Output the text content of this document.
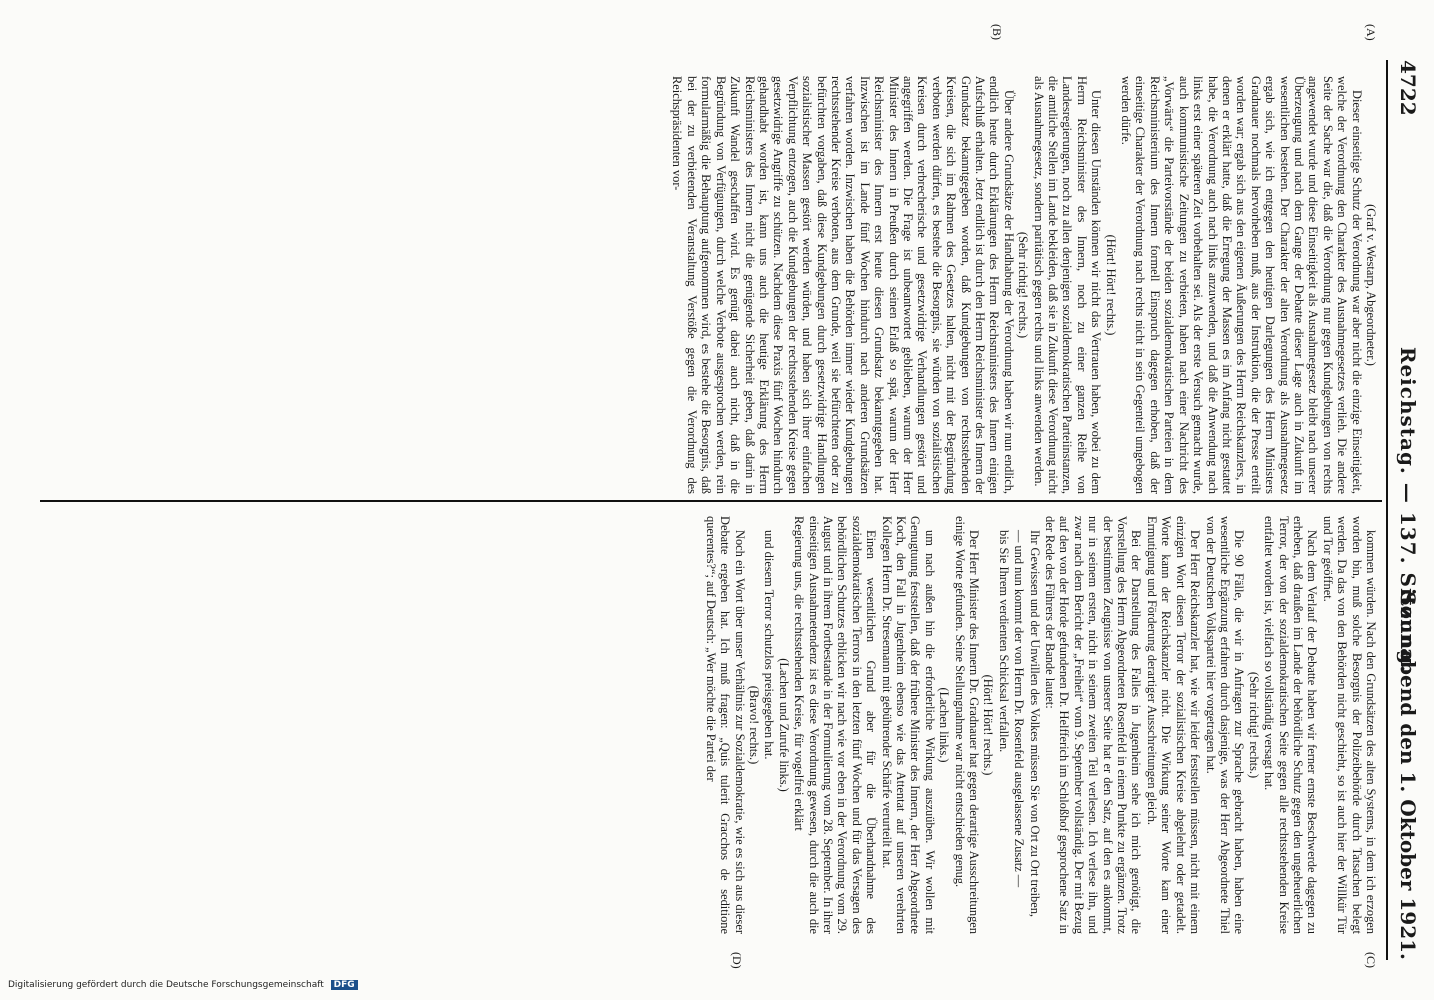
4722
Reichstag. — 137. Sitzung.
Sonnabend den 1. Oktober 1921.
(A)
(B)
(C)
(D)

(Graf v. Westarp, Abgeordneter.)

Dieser einseitige Schutz der Verordnung war aber nicht die einzige Einseitigkeit, welche der Verordnung den Charakter des Ausnahmegesetzes verlieh. Die andere Seite der Sache war die, daß die Verordnung nur gegen Kundgebungen von rechts angewendet wurde und diese Einseitigkeit als Ausnahmegesetz bleibt nach unserer Überzeugung und nach dem Gange der Debatte dieser Lage auch in Zukunft im wesentlichen bestehen. Der Charakter der alten Verordnung als Ausnahmegesetz ergab sich, wie ich entgegen den heutigen Darlegungen des Herrn Ministers Gradnauer nochmals hervorheben muß, aus der Instruktion, die der Presse erteilt worden war; ergab sich aus den eigenen Äußerungen des Herrn Reichskanzlers, in denen er erklärt hatte, daß die Erregung der Massen es im Anfang nicht gestattet habe, die Verordnung auch nach links anzuwenden, und daß die Anwendung nach links erst einer späteren Zeit vorbehalten sei. Als der erste Versuch gemacht wurde, auch kommunistische Zeitungen zu verbieten, haben nach einer Nachricht des „Vorwärts“ die Parteivorstände der beiden sozialdemokratischen Parteien in dem Reichsministerium des Innern formell Einspruch dagegen erhoben, daß der einseitige Charakter der Verordnung nach rechts nicht in sein Gegenteil umgebogen werden dürfe.

(Hört! Hört! rechts.)

Unter diesen Umständen können wir nicht das Vertrauen haben, wobei zu dem Herrn Reichsminister des Innern, noch zu einer ganzen Reihe von Landesregierungen, noch zu allen denjenigen sozialdemokratischen Parteiinstanzen, die amtliche Stellen im Lande bekleiden, daß sie in Zukunft diese Verordnung nicht als Ausnahmegesetz, sondern paritätisch gegen rechts und links anwenden werden.

(Sehr richtig! rechts.)

Über andere Grundsätze der Handhabung der Verordnung haben wir nun endlich, endlich heute durch Erklärungen des Herrn Reichsministers des Innern einigen Aufschluß erhalten. Jetzt endlich ist durch den Herrn Reichsminister des Innern der Grundsatz bekanntgegeben worden, daß Kundgebungen von rechtsstehenden Kreisen, die sich im Rahmen des Gesetzes halten, nicht mit der Begründung verboten werden dürfen, es bestehe die Besorgnis, sie würden von sozialistischen Kreisen durch verbrecherische und gesetzwidrige Verhandlungen gestört und angegriffen werden. Die Frage ist unbeantwortet geblieben, warum der Herr Minister des Innern in Preußen durch seinen Erlaß so spät, warum der Herr Reichsminister des Innern erst heute diesen Grundsatz bekanntgegeben hat. Inzwischen ist im Lande fünf Wochen hindurch nach anderen Grundsätzen verfahren worden. Inzwischen haben die Behörden immer wieder Kundgebungen rechtsstehender Kreise verboten, aus dem Grunde, weil sie befürchteten oder zu befürchten vorgaben, daß diese Kundgebungen durch gesetzwidrige Handlungen sozialistischer Massen gestört werden würden, und haben sich ihrer einfachen Verpflichtung entzogen, auch die Kundgebungen der rechtsstehenden Kreise gegen gesetzwidrige Angriffe zu schützen. Nachdem diese Praxis fünf Wochen hindurch gehandhabt worden ist, kann uns auch die heutige Erklärung des Herrn Reichsministers des Innern nicht die genügende Sicherheit geben, daß darin in Zukunft Wandel geschaffen wird. Es genügt dabei auch nicht, daß in die Begründung von Verfügungen, durch welche Verbote ausgesprochen werden, rein formularmäßig die Behauptung aufgenommen wird, es bestehe die Besorgnis, daß bei der zu verbietenden Veranstaltung Verstöße gegen die Verordnung des Reichspräsidenten vor-

kommen würden. Nach den Grundsätzen des alten Systems, in dem ich erzogen worden bin, muß solche Besorgnis der Polizeibehörde durch Tatsachen belegt werden. Da das von den Behörden nicht geschieht, so ist auch hier der Willkür Tür und Tor geöffnet.

Nach dem Verlauf der Debatte haben wir ferner ernste Beschwerde dagegen zu erheben, daß draußen im Lande der behördliche Schutz gegen den ungeheuerlichen Terror, der von der sozialdemokratischen Seite gegen alle rechtsstehenden Kreise entfaltet worden ist, vielfach so vollständig versagt hat.

(Sehr richtig! rechts.)

Die 90 Fälle, die wir in Anfragen zur Sprache gebracht haben, haben eine wesentliche Ergänzung erfahren durch dasjenige, was der Herr Abgeordnete Thiel von der Deutschen Volkspartei hier vorgetragen hat.

Der Herr Reichskanzler hat, wie wir leider feststellen müssen, nicht mit einem einzigen Wort diesen Terror der sozialistischen Kreise abgelehnt oder getadelt. Worte kann der Reichskanzler nicht. Die Wirkung seiner Worte kam einer Ermutigung und Förderung derartiger Ausschreitungen gleich.

Bei der Darstellung des Falles in Jugenheim sehe ich mich genötigt, die Vorstellung des Herrn Abgeordneten Rosenfeld in einem Punkte zu ergänzen. Trotz der bestimmten Zeugnisse von unserer Seite hat er den Satz, auf den es ankommt, nur in seinem ersten, nicht in seinem zweiten Teil verlesen. Ich verlese ihn, und zwar nach dem Bericht der „Freiheit“ vom 9. September vollständig. Der mit Bezug auf den von der Horde gefundenen Dr. Helfferich im Schloßhof gesprochene Satz in der Rede des Führers der Bande lautet:

Ihr Gewissen und der Unwillen des Volkes müssen Sie von Ort zu Ort treiben,

— und nun kommt der von Herrn Dr. Rosenfeld ausgelassene Zusatz —

bis Sie Ihrem verdienten Schicksal verfallen.

(Hört! Hört! rechts.)

Der Herr Minister des Innern Dr. Gradnauer hat gegen derartige Ausschreitungen einige Worte gefunden. Seine Stellungnahme war nicht entschieden genug.

(Lachen links.)

um nach außen hin die erforderliche Wirkung auszuüben. Wir wollen mit Genugtuung feststellen, daß der frühere Minister des Innern, der Herr Abgeordnete Koch, den Fall in Jugenheim ebenso wie das Attentat auf unseren verehrten Kollegen Herrn Dr. Stresemann mit gebührender Schärfe verurteilt hat.

Einen wesentlichen Grund aber für die Überhandnahme des sozialdemokratischen Terrors in den letzten fünf Wochen und für das Versagen des behördlichen Schutzes erblicken wir nach wie vor eben in der Verordnung vom 29. August und in ihrem Fortbestande in der Formulierung vom 28. September. In ihrer einseitigen Ausnahmetendenz ist es diese Verordnung gewesen, durch die auch die Regierung uns, die rechtsstehenden Kreise, für vogelfrei erklärt

(Lachen und Zurufe links.)

und diesem Terror schutzlos preisgegeben hat.

(Bravo! rechts.)

Noch ein Wort über unser Verhältnis zur Sozialdemokratie, wie es sich aus dieser Debatte ergeben hat. Ich muß fragen: „Quis tulerit Gracchos de seditione querentes?“; auf Deutsch: „Wer möchte die Partei der

Digitalisierung gefördert durch die Deutsche Forschungsgemeinschaft DFG
